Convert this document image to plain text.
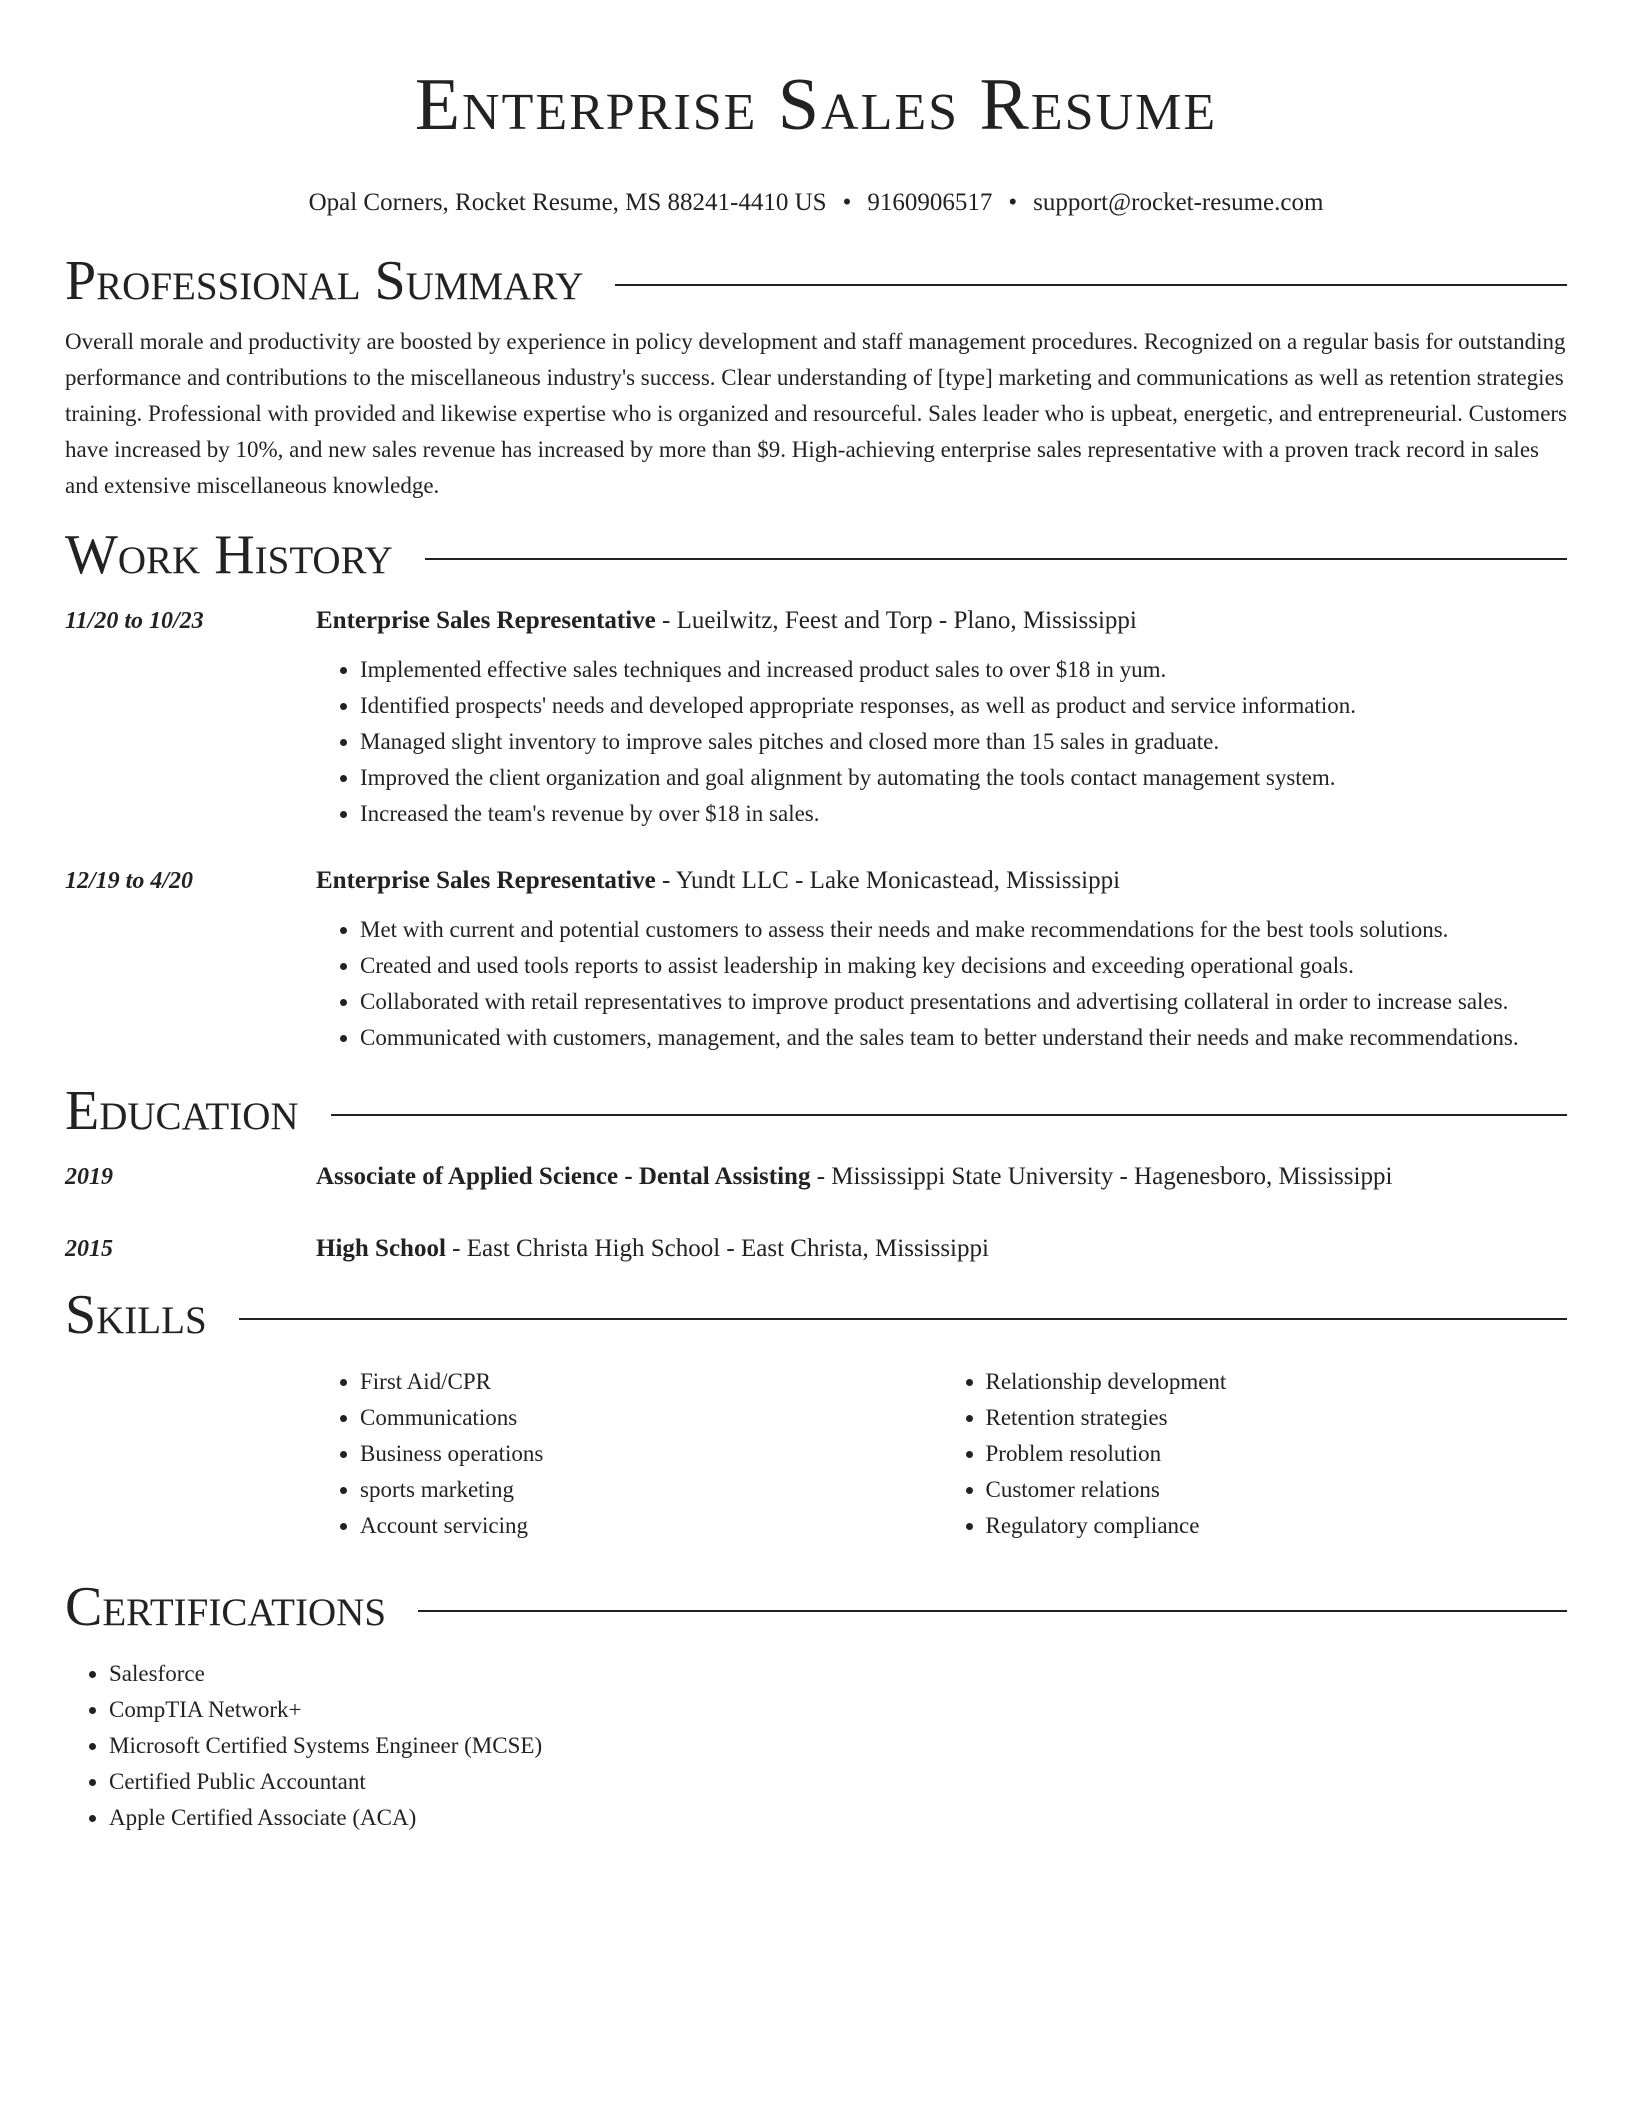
Enterprise Sales Resume
Opal Corners, Rocket Resume, MS 88241-4410 US • 9160906517 • support@rocket-resume.com
Professional Summary

Overall morale and productivity are boosted by experience in policy development and staff management procedures. Recognized on a regular basis for outstanding performance and contributions to the miscellaneous industry's success. Clear understanding of [type] marketing and communications as well as retention strategies training. Professional with provided and likewise expertise who is organized and resourceful. Sales leader who is upbeat, energetic, and entrepreneurial. Customers have increased by 10%, and new sales revenue has increased by more than $9. High-achieving enterprise sales representative with a proven track record in sales and extensive miscellaneous knowledge.

Work History
11/20 to 10/23	Enterprise Sales Representative - Lueilwitz, Feest and Torp - Plano, Mississippi
• Implemented effective sales techniques and increased product sales to over $18 in yum.
• Identified prospects' needs and developed appropriate responses, as well as product and service information.
• Managed slight inventory to improve sales pitches and closed more than 15 sales in graduate.
• Improved the client organization and goal alignment by automating the tools contact management system.
• Increased the team's revenue by over $18 in sales.
12/19 to 4/20	Enterprise Sales Representative - Yundt LLC - Lake Monicastead, Mississippi
• Met with current and potential customers to assess their needs and make recommendations for the best tools solutions.
• Created and used tools reports to assist leadership in making key decisions and exceeding operational goals.
• Collaborated with retail representatives to improve product presentations and advertising collateral in order to increase sales.
• Communicated with customers, management, and the sales team to better understand their needs and make recommendations.
Education
2019	Associate of Applied Science - Dental Assisting - Mississippi State University - Hagenesboro, Mississippi
2015	High School - East Christa High School - East Christa, Mississippi
Skills
• First Aid/CPR
• Communications
• Business operations
• sports marketing
• Account servicing
• Relationship development
• Retention strategies
• Problem resolution
• Customer relations
• Regulatory compliance
Certifications
• Salesforce
• CompTIA Network+
• Microsoft Certified Systems Engineer (MCSE)
• Certified Public Accountant
• Apple Certified Associate (ACA)
